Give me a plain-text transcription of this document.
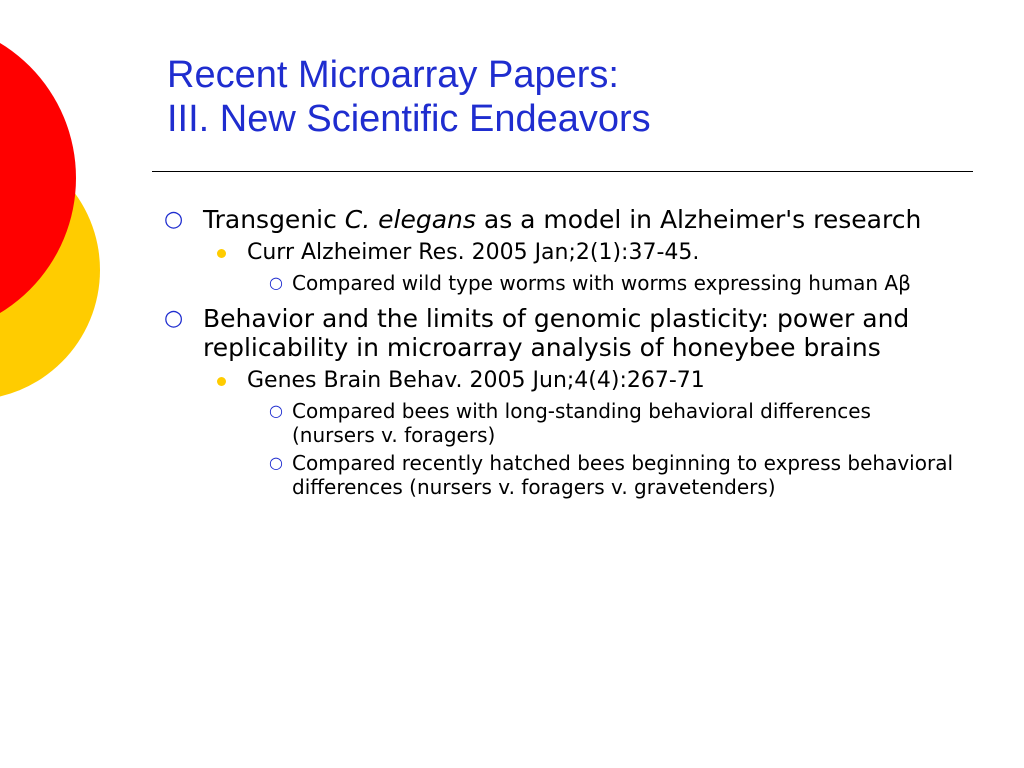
Recent Microarray Papers:
III. New Scientific Endeavors
○ Transgenic C. elegans as a model in Alzheimer's research
Curr Alzheimer Res. 2005 Jan;2(1):37-45.
○ Compared wild type worms with worms expressing human Aβ
○ Behavior and the limits of genomic plasticity: power and replicability in microarray analysis of honeybee brains
Genes Brain Behav. 2005 Jun;4(4):267-71
○ Compared bees with long-standing behavioral differences (nursers v. foragers)
○ Compared recently hatched bees beginning to express behavioral differences (nursers v. foragers v. gravetenders)
